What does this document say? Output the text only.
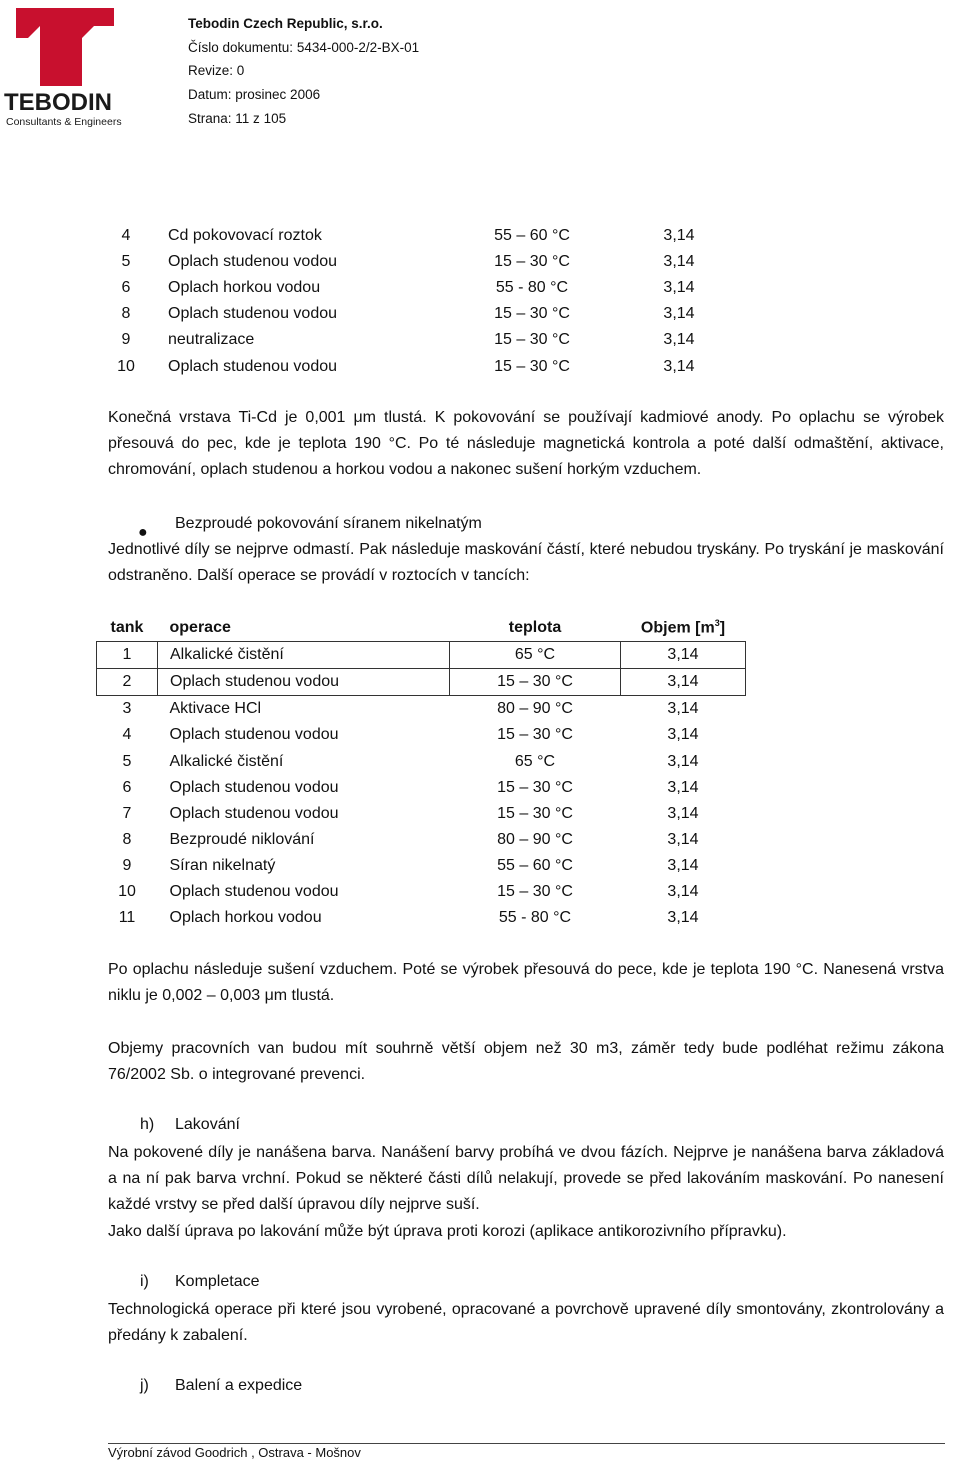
TEBODIN
Consultants & Engineers
Tebodin Czech Republic, s.r.o.
Číslo dokumentu: 5434-000-2/2-BX-01
Revize: 0
Datum: prosinec 2006
Strana: 11 z 105
4	Cd pokovovací roztok	55 – 60 °C	3,14
5	Oplach studenou vodou	15 – 30 °C	3,14
6	Oplach horkou vodou	55 - 80 °C	3,14
8	Oplach studenou vodou	15 – 30 °C	3,14
9	neutralizace	15 – 30 °C	3,14
10	Oplach studenou vodou	15 – 30 °C	3,14
Konečná vrstava Ti-Cd je 0,001 μm tlustá. K pokovování se používají kadmiové anody. Po oplachu se výrobek přesouvá do pec, kde je teplota 190 °C. Po té následuje magnetická kontrola a poté další odmaštění, aktivace, chromování, oplach studenou a horkou vodou a nakonec sušení horkým vzduchem.
●
Bezproudé pokovování síranem nikelnatým
Jednotlivé díly se nejprve odmastí. Pak následuje maskování částí, které nebudou tryskány. Po tryskání je maskování odstraněno. Další operace se provádí v roztocích v tancích:
tank	operace	teplota	Objem $[m^3]$
1	Alkalické čistění	65 °C	3,14
2	Oplach studenou vodou	15 – 30 °C	3,14
3	Aktivace HCl	80 – 90 °C	3,14
4	Oplach studenou vodou	15 – 30 °C	3,14
5	Alkalické čistění	65 °C	3,14
6	Oplach studenou vodou	15 – 30 °C	3,14
7	Oplach studenou vodou	15 – 30 °C	3,14
8	Bezproudé niklování	80 – 90 °C	3,14
9	Síran nikelnatý	55 – 60 °C	3,14
10	Oplach studenou vodou	15 – 30 °C	3,14
11	Oplach horkou vodou	55 - 80 °C	3,14
Po oplachu následuje sušení vzduchem. Poté se výrobek přesouvá do pece, kde je teplota 190 °C. Nanesená vrstva niklu je 0,002 – 0,003 μm tlustá.
Objemy pracovních van budou mít souhrně větší objem než 30 m3, záměr tedy bude podléhat režimu zákona 76/2002 Sb. o integrované prevenci.
h) Lakování
Na pokovené díly je nanášena barva. Nanášení barvy probíhá ve dvou fázích. Nejprve je nanášena barva základová a na ní pak barva vrchní. Pokud se některé části dílů nelakují, provede se před lakováním maskování. Po nanesení každé vrstvy se před další úpravou díly nejprve suší.
Jako další úprava po lakování může být úprava proti korozi (aplikace antikorozivního přípravku).
i) Kompletace
Technologická operace při které jsou vyrobené, opracované a povrchově upravené díly smontovány, zkontrolovány a předány k zabalení.
j) Balení a expedice
Výrobní závod Goodrich , Ostrava - Mošnov
